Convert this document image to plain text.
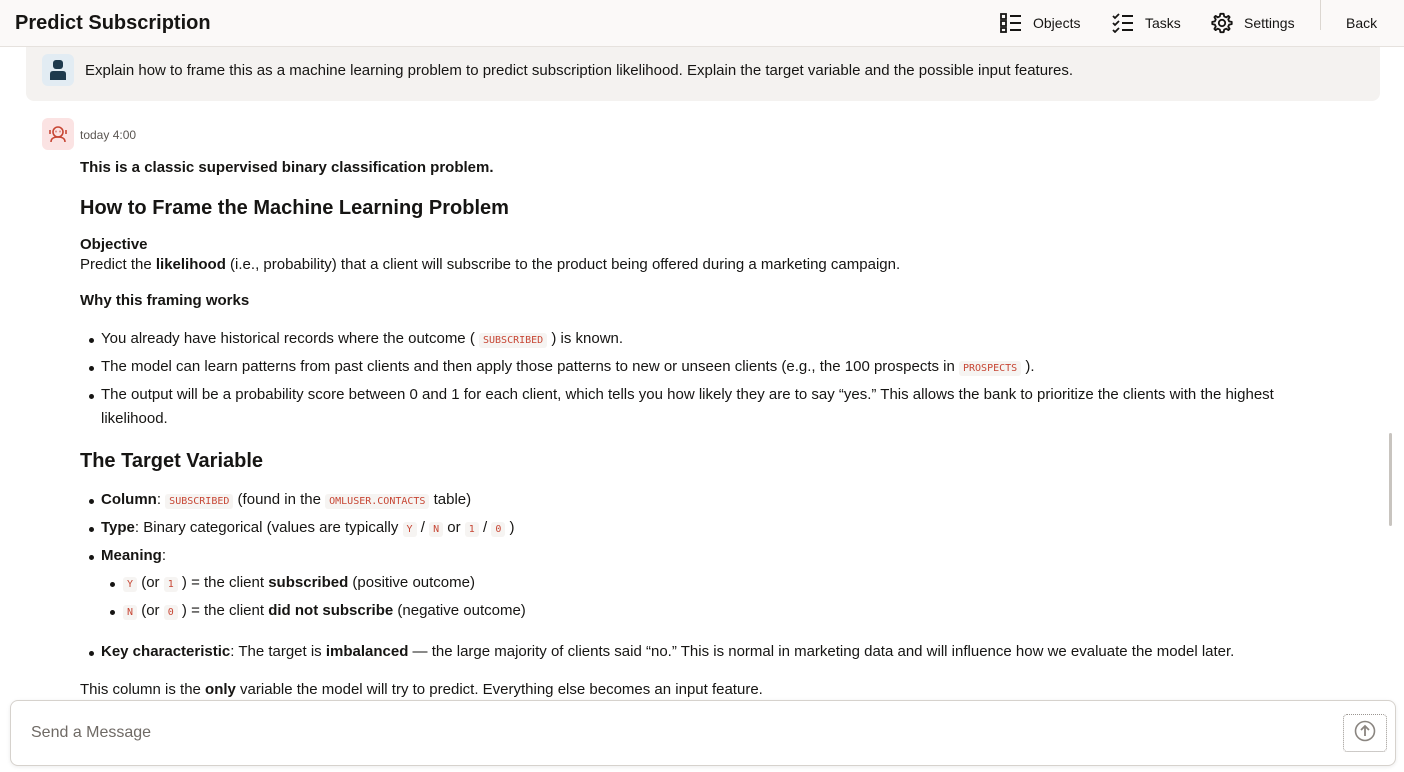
Predict Subscription	Objects	Tasks	Settings	Back
Explain how to frame this as a machine learning problem to predict subscription likelihood. Explain the target variable and the possible input features.
today 4:00
This is a classic supervised binary classification problem.
How to Frame the Machine Learning Problem
Objective
Predict the likelihood (i.e., probability) that a client will subscribe to the product being offered during a marketing campaign.
Why this framing works
You already have historical records where the outcome ( SUBSCRIBED ) is known.
The model can learn patterns from past clients and then apply those patterns to new or unseen clients (e.g., the 100 prospects in PROSPECTS ).
The output will be a probability score between 0 and 1 for each client, which tells you how likely they are to say “yes.” This allows the bank to prioritize the clients with the highest
likelihood.
The Target Variable
Column: SUBSCRIBED (found in the OMLUSER.CONTACTS table)
Type: Binary categorical (values are typically Y / N or 1 / 0 )
Meaning:
Y (or 1 ) = the client subscribed (positive outcome)
N (or 0 ) = the client did not subscribe (negative outcome)
Key characteristic: The target is imbalanced — the large majority of clients said “no.” This is normal in marketing data and will influence how we evaluate the model later.
This column is the only variable the model will try to predict. Everything else becomes an input feature.
Send a Message
